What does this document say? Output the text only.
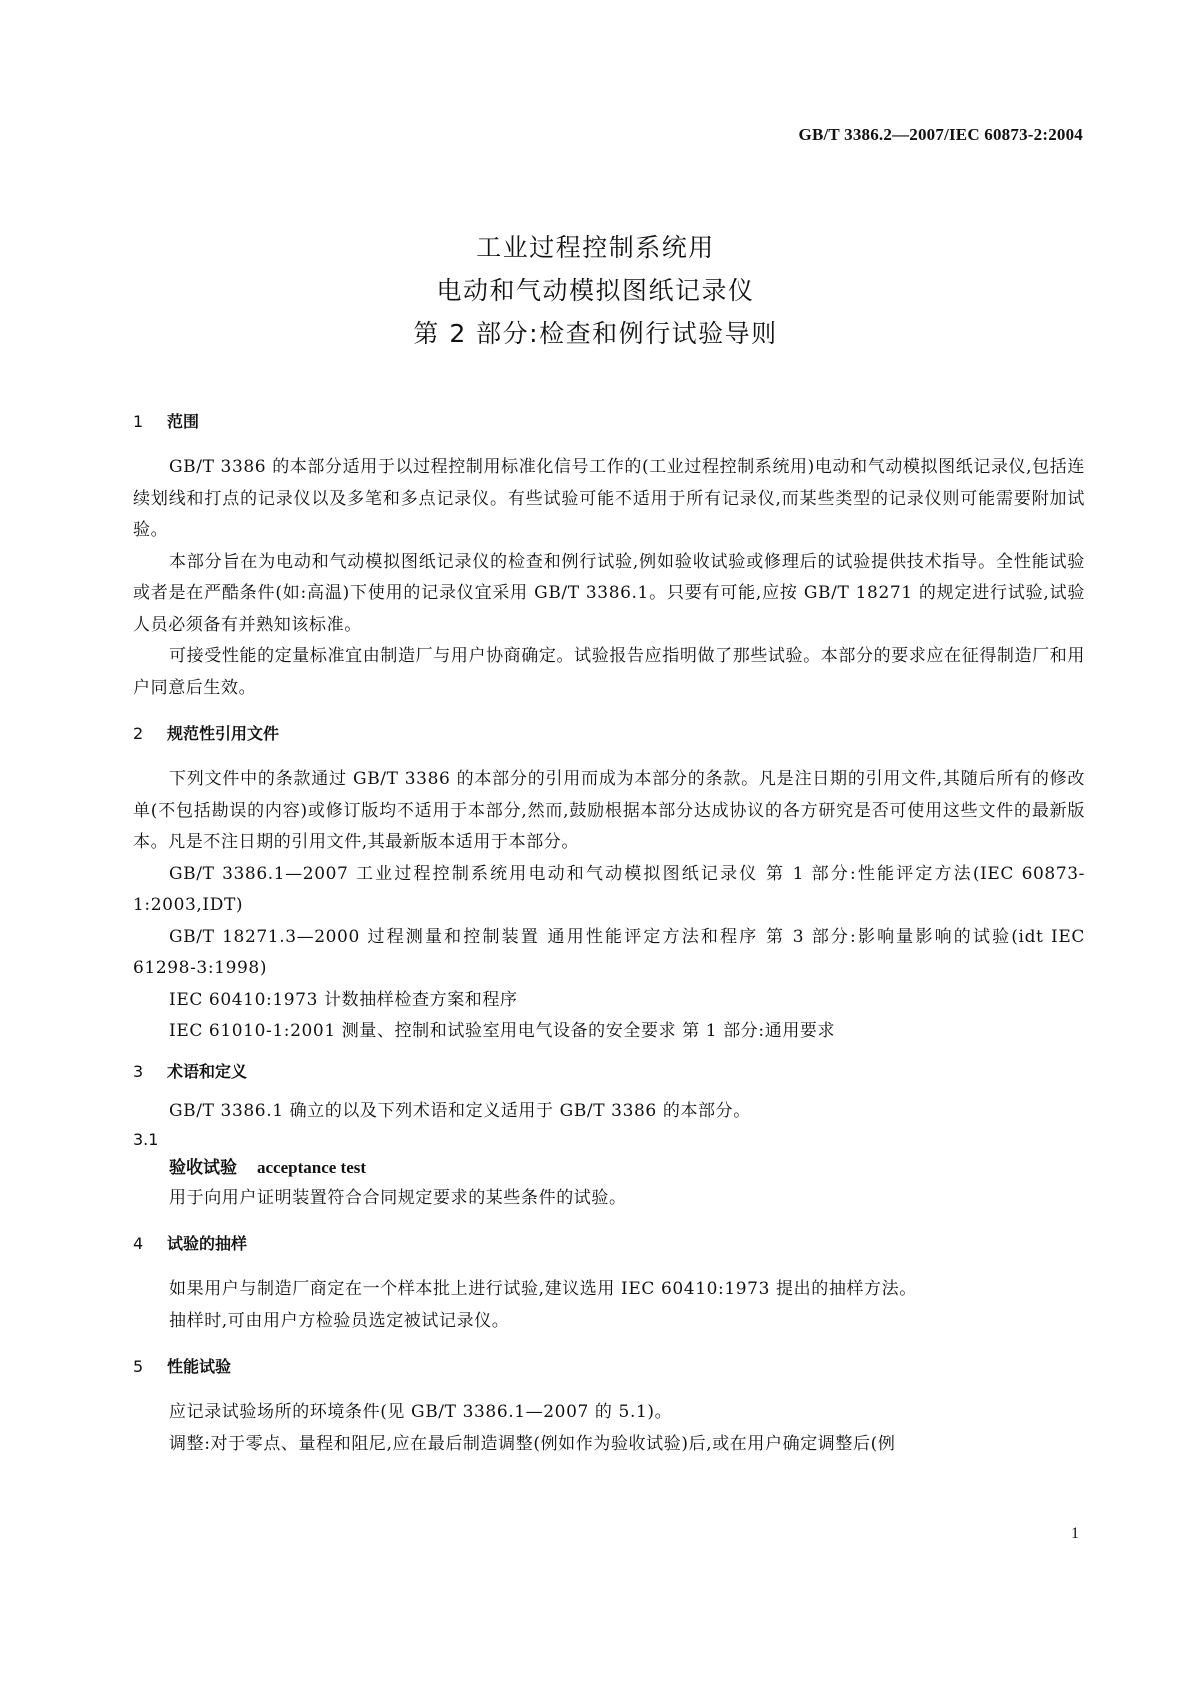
GB/T 3386.2—2007/IEC 60873-2:2004
工业过程控制系统用
电动和气动模拟图纸记录仪
第 2 部分:检查和例行试验导则
1 范围
GB/T 3386 的本部分适用于以过程控制用标准化信号工作的(工业过程控制系统用)电动和气动模拟图纸记录仪,包括连续划线和打点的记录仪以及多笔和多点记录仪。有些试验可能不适用于所有记录仪,而某些类型的记录仪则可能需要附加试验。
本部分旨在为电动和气动模拟图纸记录仪的检查和例行试验,例如验收试验或修理后的试验提供技术指导。全性能试验或者是在严酷条件(如:高温)下使用的记录仪宜采用 GB/T 3386.1。只要有可能,应按 GB/T 18271 的规定进行试验,试验人员必须备有并熟知该标准。
可接受性能的定量标准宜由制造厂与用户协商确定。试验报告应指明做了那些试验。本部分的要求应在征得制造厂和用户同意后生效。
2 规范性引用文件
下列文件中的条款通过 GB/T 3386 的本部分的引用而成为本部分的条款。凡是注日期的引用文件,其随后所有的修改单(不包括勘误的内容)或修订版均不适用于本部分,然而,鼓励根据本部分达成协议的各方研究是否可使用这些文件的最新版本。凡是不注日期的引用文件,其最新版本适用于本部分。
GB/T 3386.1—2007 工业过程控制系统用电动和气动模拟图纸记录仪 第 1 部分:性能评定方法(IEC 60873-1:2003,IDT)
GB/T 18271.3—2000 过程测量和控制装置 通用性能评定方法和程序 第 3 部分:影响量影响的试验(idt IEC 61298-3:1998)
IEC 60410:1973 计数抽样检查方案和程序
IEC 61010-1:2001 测量、控制和试验室用电气设备的安全要求 第 1 部分:通用要求
3 术语和定义
GB/T 3386.1 确立的以及下列术语和定义适用于 GB/T 3386 的本部分。
3.1
验收试验 acceptance test
用于向用户证明装置符合合同规定要求的某些条件的试验。
4 试验的抽样
如果用户与制造厂商定在一个样本批上进行试验,建议选用 IEC 60410:1973 提出的抽样方法。
抽样时,可由用户方检验员选定被试记录仪。
5 性能试验
应记录试验场所的环境条件(见 GB/T 3386.1—2007 的 5.1)。
调整:对于零点、量程和阻尼,应在最后制造调整(例如作为验收试验)后,或在用户确定调整后(例
1
